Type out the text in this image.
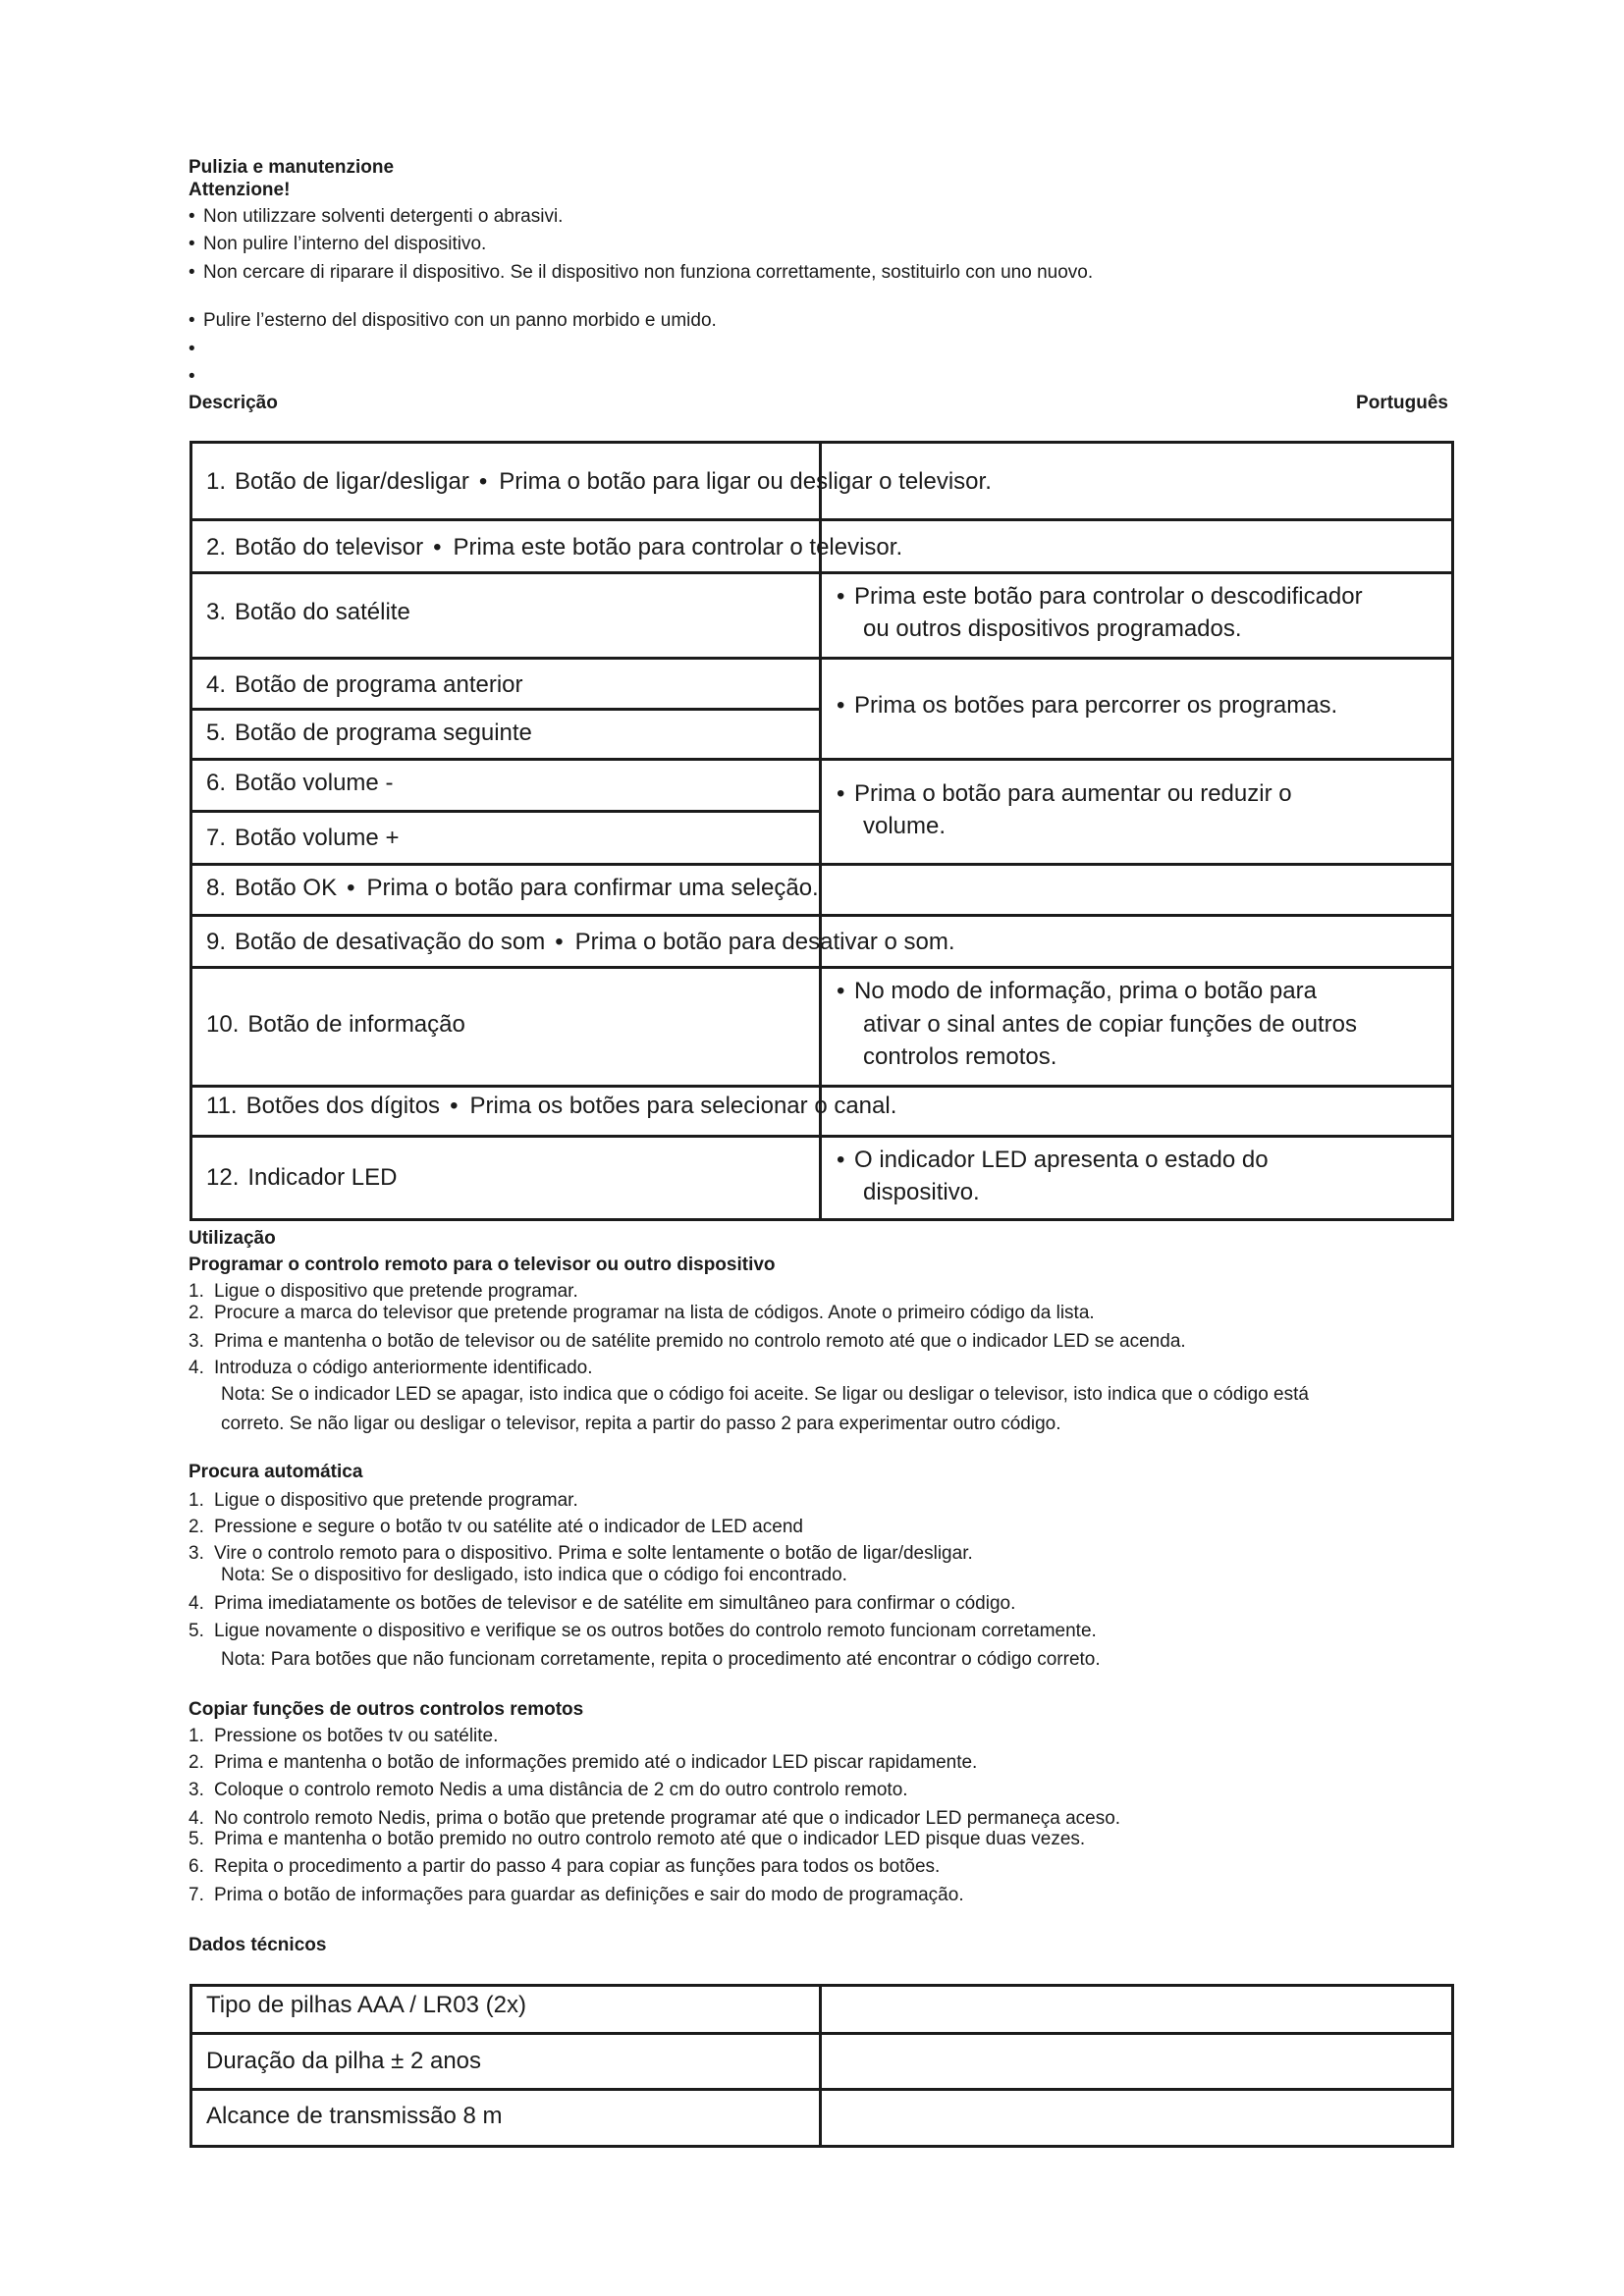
Pulizia e manutenzione
Attenzione!
• Non utilizzare solventi detergenti o abrasivi.
• Non pulire l’interno del dispositivo.
• Non cercare di riparare il dispositivo. Se il dispositivo non funziona correttamente, sostituirlo con uno nuovo.
• Pulire l’esterno del dispositivo con un panno morbido e umido.
•
•
Descrição	Português
1. Botão de ligar/desligar • Prima o botão para ligar ou desligar o televisor.
2. Botão do televisor • Prima este botão para controlar o televisor.
3. Botão do satélite
• Prima este botão para controlar o descodificador
ou outros dispositivos programados.
4. Botão de programa anterior
5. Botão de programa seguinte
• Prima os botões para percorrer os programas.
6. Botão volume -
7. Botão volume +
• Prima o botão para aumentar ou reduzir o
volume.
8. Botão OK • Prima o botão para confirmar uma seleção.
9. Botão de desativação do som • Prima o botão para desativar o som.
10. Botão de informação
• No modo de informação, prima o botão para
ativar o sinal antes de copiar funções de outros
controlos remotos.
11. Botões dos dígitos • Prima os botões para selecionar o canal.
12. Indicador LED
• O indicador LED apresenta o estado do
dispositivo.
Utilização
Programar o controlo remoto para o televisor ou outro dispositivo
1. Ligue o dispositivo que pretende programar.
2. Procure a marca do televisor que pretende programar na lista de códigos. Anote o primeiro código da lista.
3. Prima e mantenha o botão de televisor ou de satélite premido no controlo remoto até que o indicador LED se acenda.
4. Introduza o código anteriormente identificado.
Nota: Se o indicador LED se apagar, isto indica que o código foi aceite. Se ligar ou desligar o televisor, isto indica que o código está
correto. Se não ligar ou desligar o televisor, repita a partir do passo 2 para experimentar outro código.
Procura automática
1. Ligue o dispositivo que pretende programar.
2. Pressione e segure o botão tv ou satélite até o indicador de LED acend
3. Vire o controlo remoto para o dispositivo. Prima e solte lentamente o botão de ligar/desligar.
Nota: Se o dispositivo for desligado, isto indica que o código foi encontrado.
4. Prima imediatamente os botões de televisor e de satélite em simultâneo para confirmar o código.
5. Ligue novamente o dispositivo e verifique se os outros botões do controlo remoto funcionam corretamente.
Nota: Para botões que não funcionam corretamente, repita o procedimento até encontrar o código correto.
Copiar funções de outros controlos remotos
1. Pressione os botões tv ou satélite.
2. Prima e mantenha o botão de informações premido até o indicador LED piscar rapidamente.
3. Coloque o controlo remoto Nedis a uma distância de 2 cm do outro controlo remoto.
4. No controlo remoto Nedis, prima o botão que pretende programar até que o indicador LED permaneça aceso.
5. Prima e mantenha o botão premido no outro controlo remoto até que o indicador LED pisque duas vezes.
6. Repita o procedimento a partir do passo 4 para copiar as funções para todos os botões.
7. Prima o botão de informações para guardar as definições e sair do modo de programação.
Dados técnicos
Tipo de pilhas AAA / LR03 (2x)
Duração da pilha ± 2 anos
Alcance de transmissão 8 m
